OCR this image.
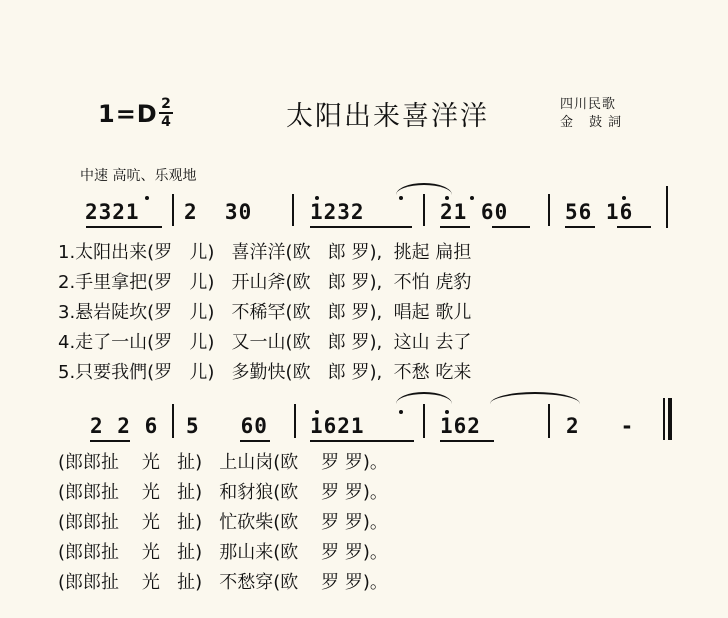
1=D 2
4	太阳出来喜洋洋	四川民歌
金 鼓詞
中速 高吭、乐观地
2321 2  30	1232	21 60	56 16
1.太阳出来(罗   儿)   喜洋洋(欧   郎 罗),  挑起 扁担
2.手里拿把(罗   儿)   开山斧(欧   郎 罗),  不怕 虎豹
3.悬岩陡坎(罗   儿)   不稀罕(欧   郎 罗),  唱起 歌儿
4.走了一山(罗   儿)   又一山(欧   郎 罗),  这山 去了
5.只要我們(罗   儿)   多勤快(欧   郎 罗),  不愁 吃来
2 2 6 5   60 1621	162	2   -
(郎郎扯    光   扯)   上山岗(欧    罗 罗)。
(郎郎扯    光   扯)   和豺狼(欧    罗 罗)。
(郎郎扯    光   扯)   忙砍柴(欧    罗 罗)。
(郎郎扯    光   扯)   那山来(欧    罗 罗)。
(郎郎扯    光   扯)   不愁穿(欧    罗 罗)。
